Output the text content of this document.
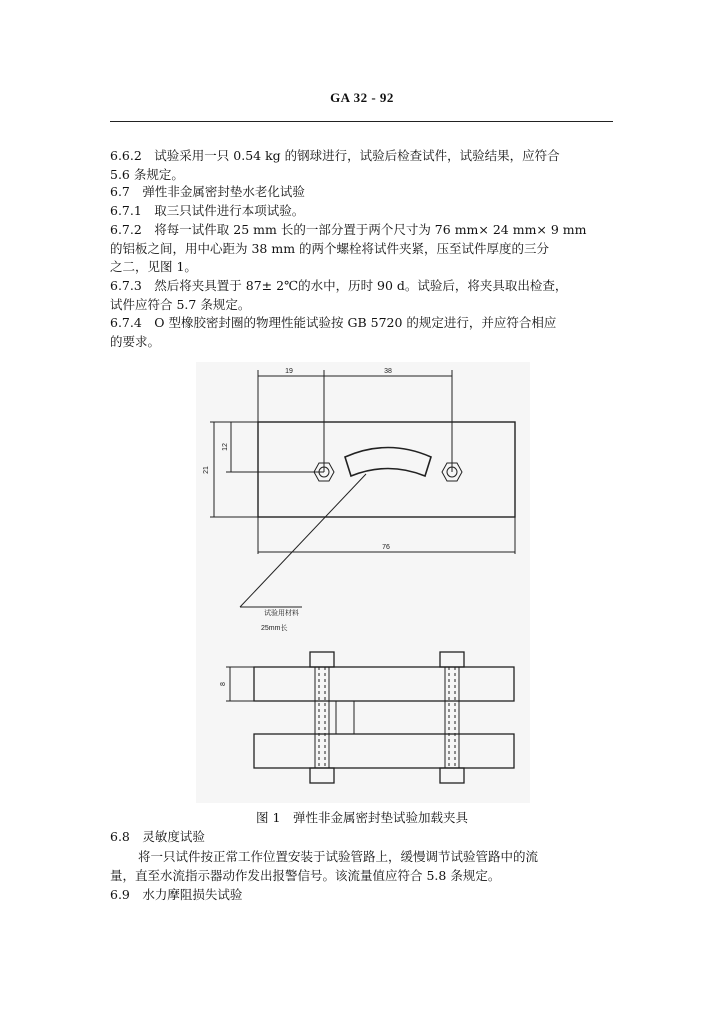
GA 32 - 92
6.6.2　试验采用一只 0.54 kg 的钢球进行，试验后检查试件，试验结果，应符合
5.6 条规定。
6.7　弹性非金属密封垫水老化试验
6.7.1　取三只试件进行本项试验。
6.7.2　将每一试件取 25 mm 长的一部分置于两个尺寸为 76 mm× 24 mm× 9 mm
的铝板之间，用中心距为 38 mm 的两个螺栓将试件夹紧，压至试件厚度的三分
之二，见图 1。
6.7.3　然后将夹具置于 87± 2℃的水中，历时 90 d。试验后，将夹具取出检查，
试件应符合 5.7 条规定。
6.7.4　O 型橡胶密封圈的物理性能试验按 GB 5720 的规定进行，并应符合相应
的要求。
19	38
21
12
76
8
试验用材料
25mm长
图 1　弹性非金属密封垫试验加载夹具
6.8　灵敏度试验
将一只试件按正常工作位置安装于试验管路上，缓慢调节试验管路中的流
量，直至水流指示器动作发出报警信号。该流量值应符合 5.8 条规定。
6.9　水力摩阻损失试验
